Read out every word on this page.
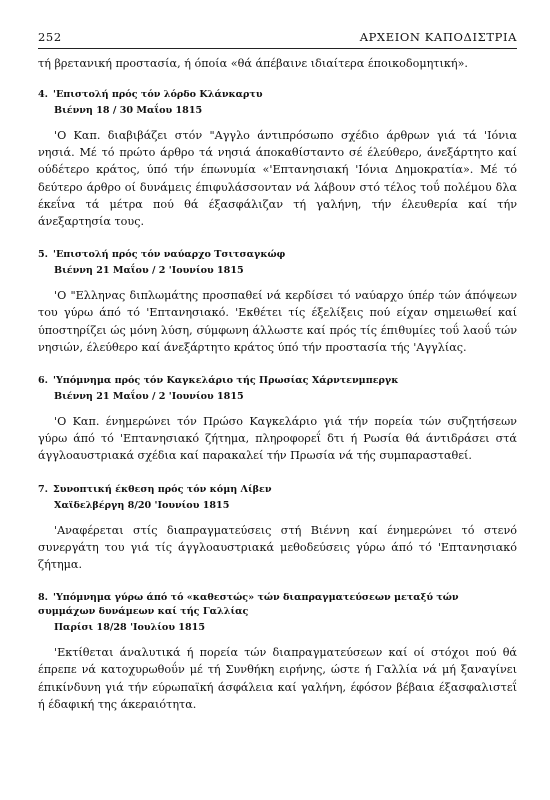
252	ΑΡΧΕΙΟΝ ΚΑΠΟΔΙΣΤΡΙΑ

τή βρετανική προστασία, ή όποία «θά άπέβαινε ιδιαίτερα έποικοδομητική».

4. 'Επιστολή πρός τόν λόρδο Κλάνκαρτυ
Βιέννη 18 / 30 Μαΐου 1815

'Ο Καπ. διαβιβάζει στόν "Αγγλο άντιπρόσωπο σχέδιο άρθρων γιά τά 'Ιόνια νησιά. Μέ τό πρώτο άρθρο τά νησιά άποκαθίσταντο σέ έλεύθερο, άνεξάρτητο καί ούδέτερο κράτος, ύπό τήν έπωνυμία «'Επτανησιακή 'Ιόνια Δημοκρατία». Μέ τό δεύτερο άρθρο οί δυνάμεις έπιφυλάσσονταν νά λάβουν στό τέλος τοΰ πολέμου δλα έκεΐνα τά μέτρα πού θά έξασφάλιζαν τή γαλήνη, τήν έλευθερία καί τήν άνεξαρτησία τους.

5. 'Επιστολή πρός τόν ναύαρχο Τσιτσαγκώφ
Βιέννη 21 Μαΐου / 2 'Ιουνίου 1815

'Ο "Ελληνας διπλωμάτης προσπαθεί νά κερδίσει τό ναύαρχο ύπέρ τών άπόψεων του γύρω άπό τό 'Επτανησιακό. 'Εκθέτει τίς έξελίξεις πού είχαν σημειωθεί καί ύποστηρίζει ώς μόνη λύση, σύμφωνη άλλωστε καί πρός τίς έπιθυμίες τοΰ λαοΰ τών νησιών, έλεύθερο καί άνεξάρτητο κράτος ύπό τήν προστασία τής 'Αγγλίας.

6. 'Υπόμνημα πρός τόν Καγκελάριο τής Πρωσίας Χάρντενμπεργκ
Βιέννη 21 Μαΐου / 2 'Ιουνίου 1815

'Ο Καπ. ένημερώνει τόν Πρώσο Καγκελάριο γιά τήν πορεία τών συζητήσεων γύρω άπό τό 'Επτανησιακό ζήτημα, πληροφορεΐ δτι ή Ρωσία θά άντιδράσει στά άγγλοαυστριακά σχέδια καί παρακαλεί τήν Πρωσία νά τής συμπαρασταθεί.

7. Συνοπτική έκθεση πρός τόν κόμη Λίβεν
Χαϊδελβέργη 8/20 'Ιουνίου 1815

'Αναφέρεται στίς διαπραγματεύσεις στή Βιέννη καί ένημερώνει τό στενό συνεργάτη του γιά τίς άγγλοαυστριακά μεθοδεύσεις γύρω άπό τό 'Επτανησιακό ζήτημα.

8. 'Υπόμνημα γύρω άπό τό «καθεστώς» τών διαπραγματεύσεων μεταξύ τών συμμάχων δυνάμεων καί τής Γαλλίας
Παρίσι 18/28 'Ιουλίου 1815

'Εκτίθεται άναλυτικά ή πορεία τών διαπραγματεύσεων καί οί στόχοι πού θά έπρεπε νά κατοχυρωθοΰν μέ τή Συνθήκη ειρήνης, ώστε ή Γαλλία νά μή ξαναγίνει έπικίνδυνη γιά τήν εύρωπαϊκή άσφάλεια καί γαλήνη, έφόσον βέβαια έξασφαλιστεΐ ή έδαφική της άκεραιότητα.
